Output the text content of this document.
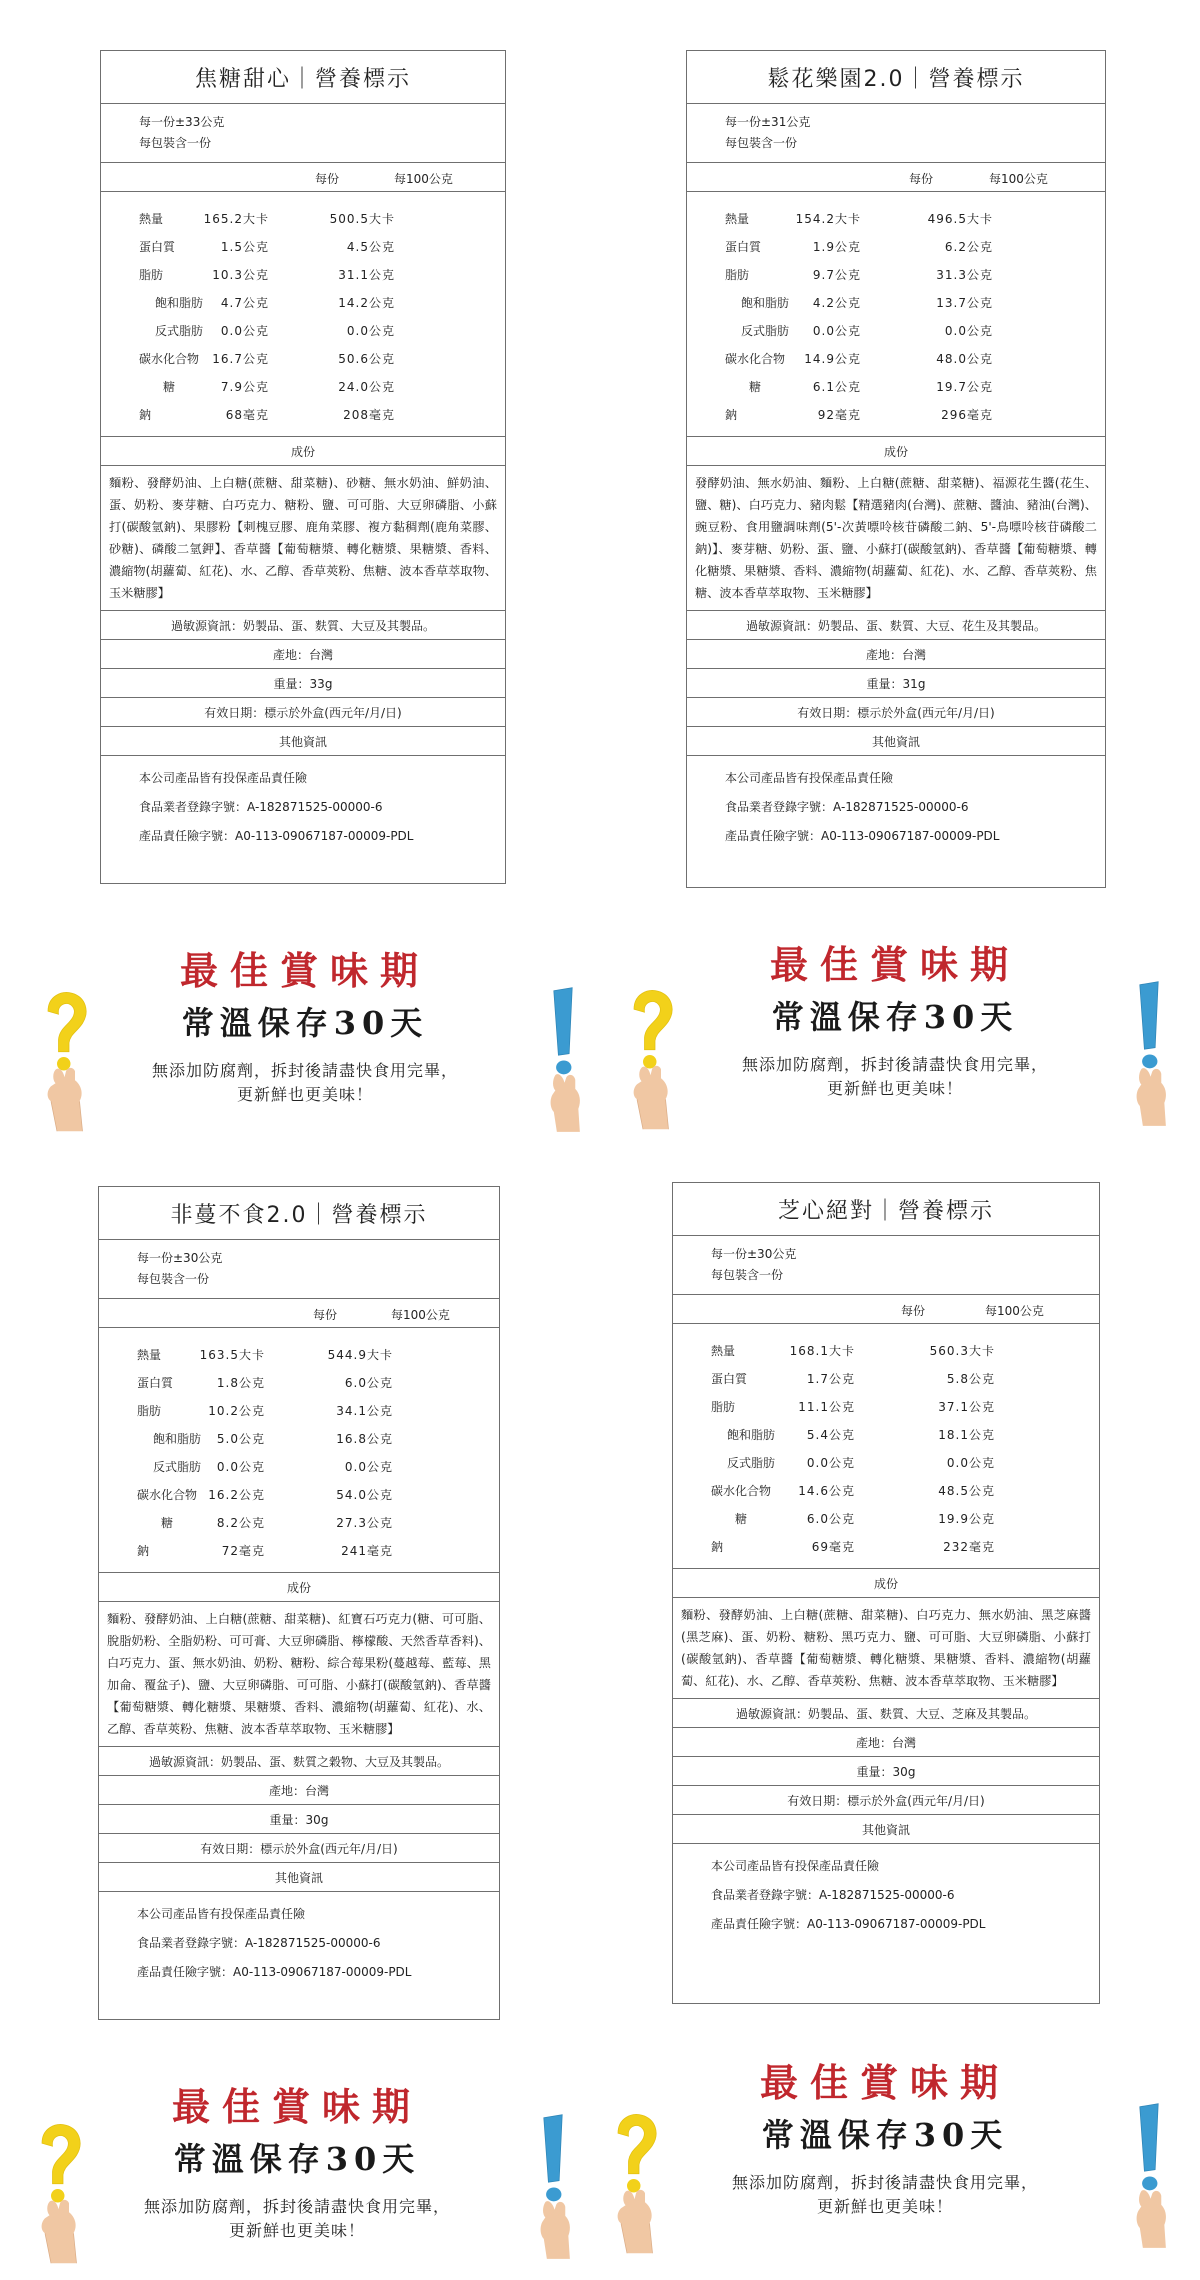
焦糖甜心｜營養標示
每一份±33公克
每包裝含一份
每份	每100公克
熱量	165.2大卡	500.5大卡
蛋白質	1.5公克	4.5公克
脂肪	10.3公克	31.1公克
飽和脂肪 4.7公克	14.2公克
反式脂肪 0.0公克	0.0公克
碳水化合物 16.7公克	50.6公克
糖	7.9公克	24.0公克
鈉	68毫克	208毫克
成份
麵粉、發酵奶油、上白糖(蔗糖、甜菜糖)、砂糖、無水奶油、鮮奶油、蛋、奶粉、麥芽糖、白巧克力、糖粉、鹽、可可脂、大豆卵磷脂、小蘇打(碳酸氫鈉)、果膠粉【刺槐豆膠、鹿角菜膠、複方黏稠劑(鹿角菜膠、砂糖)、磷酸二氫鉀】、香草醬【葡萄糖漿、轉化糖漿、果糖漿、香料、濃縮物(胡蘿蔔、紅花)、水、乙醇、香草莢粉、焦糖、波本香草萃取物、玉米糖膠】
過敏源資訊：奶製品、蛋、麩質、大豆及其製品。
產地：台灣
重量：33g
有效日期：標示於外盒(西元年/月/日)
其他資訊
本公司產品皆有投保產品責任險
食品業者登錄字號：A-182871525-00000-6
產品責任險字號：A0-113-09067187-00009-PDL
鬆花樂園2.0｜營養標示
每一份±31公克
每包裝含一份
每份	每100公克
熱量	154.2大卡	496.5大卡
蛋白質	1.9公克	6.2公克
脂肪	9.7公克	31.3公克
飽和脂肪 4.2公克	13.7公克
反式脂肪 0.0公克	0.0公克
碳水化合物 14.9公克	48.0公克
糖	6.1公克	19.7公克
鈉	92毫克	296毫克
成份
發酵奶油、無水奶油、麵粉、上白糖(蔗糖、甜菜糖)、福源花生醬(花生、鹽、糖)、白巧克力、豬肉鬆【精選豬肉(台灣)、蔗糖、醬油、豬油(台灣)、豌豆粉、食用鹽調味劑(5'-次黃嘌呤核苷磷酸二鈉、5'-鳥嘌呤核苷磷酸二鈉)】、麥芽糖、奶粉、蛋、鹽、小蘇打(碳酸氫鈉)、香草醬【葡萄糖漿、轉化糖漿、果糖漿、香料、濃縮物(胡蘿蔔、紅花)、水、乙醇、香草莢粉、焦糖、波本香草萃取物、玉米糖膠】
過敏源資訊：奶製品、蛋、麩質、大豆、花生及其製品。
產地：台灣
重量：31g
有效日期：標示於外盒(西元年/月/日)
其他資訊
本公司產品皆有投保產品責任險
食品業者登錄字號：A-182871525-00000-6
產品責任險字號：A0-113-09067187-00009-PDL
非蔓不食2.0｜營養標示
每一份±30公克
每包裝含一份
每份	每100公克
熱量	163.5大卡	544.9大卡
蛋白質	1.8公克	6.0公克
脂肪	10.2公克	34.1公克
飽和脂肪 5.0公克	16.8公克
反式脂肪 0.0公克	0.0公克
碳水化合物 16.2公克	54.0公克
糖	8.2公克	27.3公克
鈉	72毫克	241毫克
成份
麵粉、發酵奶油、上白糖(蔗糖、甜菜糖)、紅寶石巧克力(糖、可可脂、脫脂奶粉、全脂奶粉、可可膏、大豆卵磷脂、檸檬酸、天然香草香料)、白巧克力、蛋、無水奶油、奶粉、糖粉、綜合莓果粉(蔓越莓、藍莓、黑加侖、覆盆子)、鹽、大豆卵磷脂、可可脂、小蘇打(碳酸氫鈉)、香草醬【葡萄糖漿、轉化糖漿、果糖漿、香料、濃縮物(胡蘿蔔、紅花)、水、乙醇、香草莢粉、焦糖、波本香草萃取物、玉米糖膠】
過敏源資訊：奶製品、蛋、麩質之穀物、大豆及其製品。
產地：台灣
重量：30g
有效日期：標示於外盒(西元年/月/日)
其他資訊
本公司產品皆有投保產品責任險
食品業者登錄字號：A-182871525-00000-6
產品責任險字號：A0-113-09067187-00009-PDL
芝心絕對｜營養標示
每一份±30公克
每包裝含一份
每份	每100公克
熱量	168.1大卡	560.3大卡
蛋白質	1.7公克	5.8公克
脂肪	11.1公克	37.1公克
飽和脂肪	5.4公克	18.1公克
反式脂肪	0.0公克	0.0公克
碳水化合物 14.6公克	48.5公克
糖	6.0公克	19.9公克
鈉	69毫克	232毫克
成份
麵粉、發酵奶油、上白糖(蔗糖、甜菜糖)、白巧克力、無水奶油、黑芝麻醬(黑芝麻)、蛋、奶粉、糖粉、黑巧克力、鹽、可可脂、大豆卵磷脂、小蘇打(碳酸氫鈉)、香草醬【葡萄糖漿、轉化糖漿、果糖漿、香料、濃縮物(胡蘿蔔、紅花)、水、乙醇、香草莢粉、焦糖、波本香草萃取物、玉米糖膠】
過敏源資訊：奶製品、蛋、麩質、大豆、芝麻及其製品。
產地：台灣
重量：30g
有效日期：標示於外盒(西元年/月/日)
其他資訊
本公司產品皆有投保產品責任險
食品業者登錄字號：A-182871525-00000-6
產品責任險字號：A0-113-09067187-00009-PDL
最佳賞味期
常溫保存30天
無添加防腐劑，拆封後請盡快食用完畢，
更新鮮也更美味！
最佳賞味期
常溫保存30天
無添加防腐劑，拆封後請盡快食用完畢，
更新鮮也更美味！
最佳賞味期
常溫保存30天
無添加防腐劑，拆封後請盡快食用完畢，
更新鮮也更美味！
最佳賞味期
常溫保存30天
無添加防腐劑，拆封後請盡快食用完畢，
更新鮮也更美味！
